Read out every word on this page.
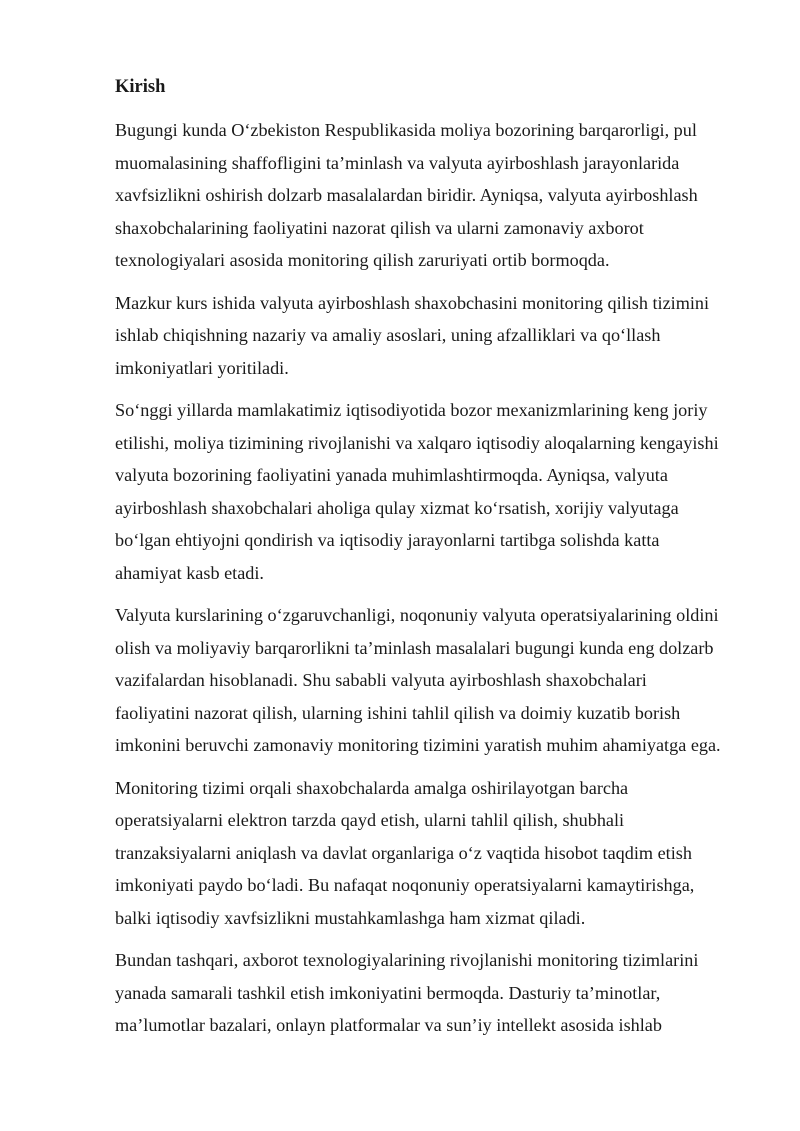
Kirish
Bugungi kunda O‘zbekiston Respublikasida moliya bozorining barqarorligi, pul
muomalasining shaffofligini ta’minlash va valyuta ayirboshlash jarayonlarida
xavfsizlikni oshirish dolzarb masalalardan biridir. Ayniqsa, valyuta ayirboshlash
shaxobchalarining faoliyatini nazorat qilish va ularni zamonaviy axborot
texnologiyalari asosida monitoring qilish zaruriyati ortib bormoqda.
Mazkur kurs ishida valyuta ayirboshlash shaxobchasini monitoring qilish tizimini
ishlab chiqishning nazariy va amaliy asoslari, uning afzalliklari va qo‘llash
imkoniyatlari yoritiladi.
So‘nggi yillarda mamlakatimiz iqtisodiyotida bozor mexanizmlarining keng joriy
etilishi, moliya tizimining rivojlanishi va xalqaro iqtisodiy aloqalarning kengayishi
valyuta bozorining faoliyatini yanada muhimlashtirmoqda. Ayniqsa, valyuta
ayirboshlash shaxobchalari aholiga qulay xizmat ko‘rsatish, xorijiy valyutaga
bo‘lgan ehtiyojni qondirish va iqtisodiy jarayonlarni tartibga solishda katta
ahamiyat kasb etadi.
Valyuta kurslarining o‘zgaruvchanligi, noqonuniy valyuta operatsiyalarining oldini
olish va moliyaviy barqarorlikni ta’minlash masalalari bugungi kunda eng dolzarb
vazifalardan hisoblanadi. Shu sababli valyuta ayirboshlash shaxobchalari
faoliyatini nazorat qilish, ularning ishini tahlil qilish va doimiy kuzatib borish
imkonini beruvchi zamonaviy monitoring tizimini yaratish muhim ahamiyatga ega.
Monitoring tizimi orqali shaxobchalarda amalga oshirilayotgan barcha
operatsiyalarni elektron tarzda qayd etish, ularni tahlil qilish, shubhali
tranzaksiyalarni aniqlash va davlat organlariga o‘z vaqtida hisobot taqdim etish
imkoniyati paydo bo‘ladi. Bu nafaqat noqonuniy operatsiyalarni kamaytirishga,
balki iqtisodiy xavfsizlikni mustahkamlashga ham xizmat qiladi.
Bundan tashqari, axborot texnologiyalarining rivojlanishi monitoring tizimlarini
yanada samarali tashkil etish imkoniyatini bermoqda. Dasturiy ta’minotlar,
ma’lumotlar bazalari, onlayn platformalar va sun’iy intellekt asosida ishlab
